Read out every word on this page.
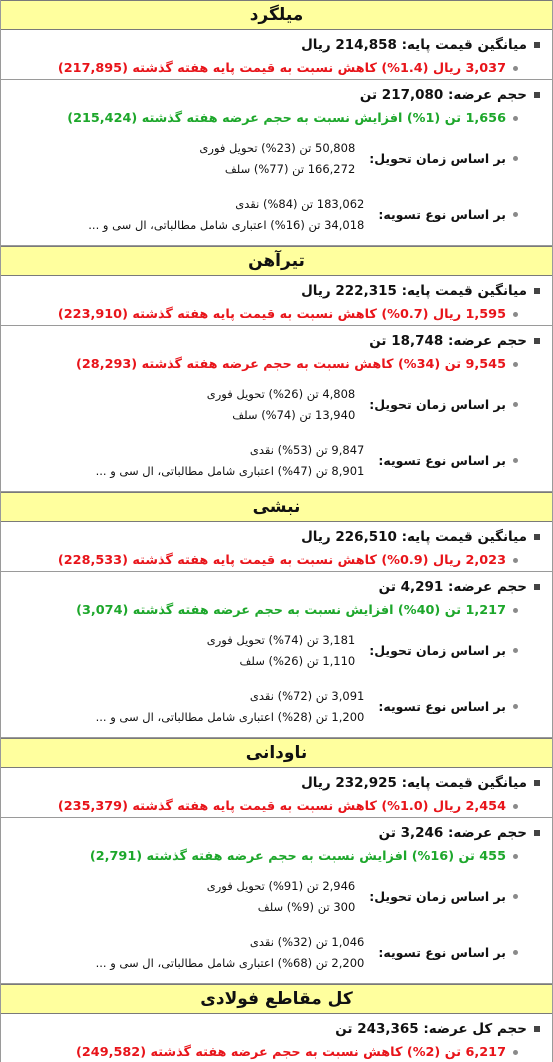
میلگرد
میانگین قیمت پایه: 214,858 ریال
3,037 ریال (1.4%) کاهش نسبت به قیمت پایه هفته گذشته (217,895)
حجم عرضه: 217,080 تن
1,656 تن (1%) افزایش نسبت به حجم عرضه هفته گذشته (215,424)
بر اساس زمان تحویل:
50,808 تن (23%) تحویل فوری
166,272 تن (77%) سلف
بر اساس نوع تسویه:
183,062 تن (84%) نقدی
34,018 تن (16%) اعتباری شامل مطالباتی، ال سی و ...
تیرآهن
میانگین قیمت پایه: 222,315 ریال
1,595 ریال (0.7%) کاهش نسبت به قیمت پایه هفته گذشته (223,910)
حجم عرضه: 18,748 تن
9,545 تن (34%) کاهش نسبت به حجم عرضه هفته گذشته (28,293)
بر اساس زمان تحویل:
4,808 تن (26%) تحویل فوری
13,940 تن (74%) سلف
بر اساس نوع تسویه:
9,847 تن (53%) نقدی
8,901 تن (47%) اعتباری شامل مطالباتی، ال سی و ...
نبشی
میانگین قیمت پایه: 226,510 ریال
2,023 ریال (0.9%) کاهش نسبت به قیمت پایه هفته گذشته (228,533)
حجم عرضه: 4,291 تن
1,217 تن (40%) افزایش نسبت به حجم عرضه هفته گذشته (3,074)
بر اساس زمان تحویل:
3,181 تن (74%) تحویل فوری
1,110 تن (26%) سلف
بر اساس نوع تسویه:
3,091 تن (72%) نقدی
1,200 تن (28%) اعتباری شامل مطالباتی، ال سی و ...
ناودانی
میانگین قیمت پایه: 232,925 ریال
2,454 ریال (1.0%) کاهش نسبت به قیمت پایه هفته گذشته (235,379)
حجم عرضه: 3,246 تن
455 تن (16%) افزایش نسبت به حجم عرضه هفته گذشته (2,791)
بر اساس زمان تحویل:
2,946 تن (91%) تحویل فوری
300 تن (9%) سلف
بر اساس نوع تسویه:
1,046 تن (32%) نقدی
2,200 تن (68%) اعتباری شامل مطالباتی، ال سی و ...
کل مقاطع فولادی
حجم کل عرضه: 243,365 تن
6,217 تن (2%) کاهش نسبت به حجم عرضه هفته گذشته (249,582)
